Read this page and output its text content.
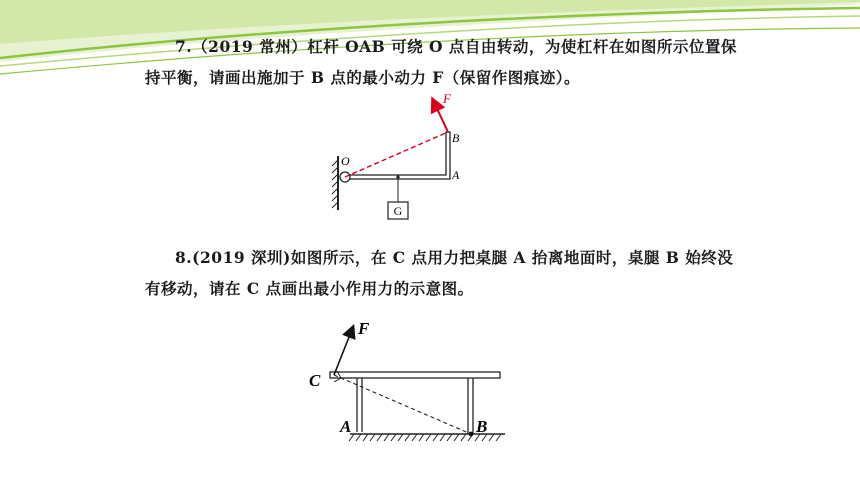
7.（2019 常州）杠杆 OAB 可绕 O 点自由转动，为使杠杆在如图所示位置保

持平衡，请画出施加于 B 点的最小动力 F（保留作图痕迹）。

G
F
B
O
A

8.(2019 深圳)如图所示，在 C 点用力把桌腿 A 抬离地面时，桌腿 B 始终没

有移动，请在 C 点画出最小作用力的示意图。

F
C
A	B
